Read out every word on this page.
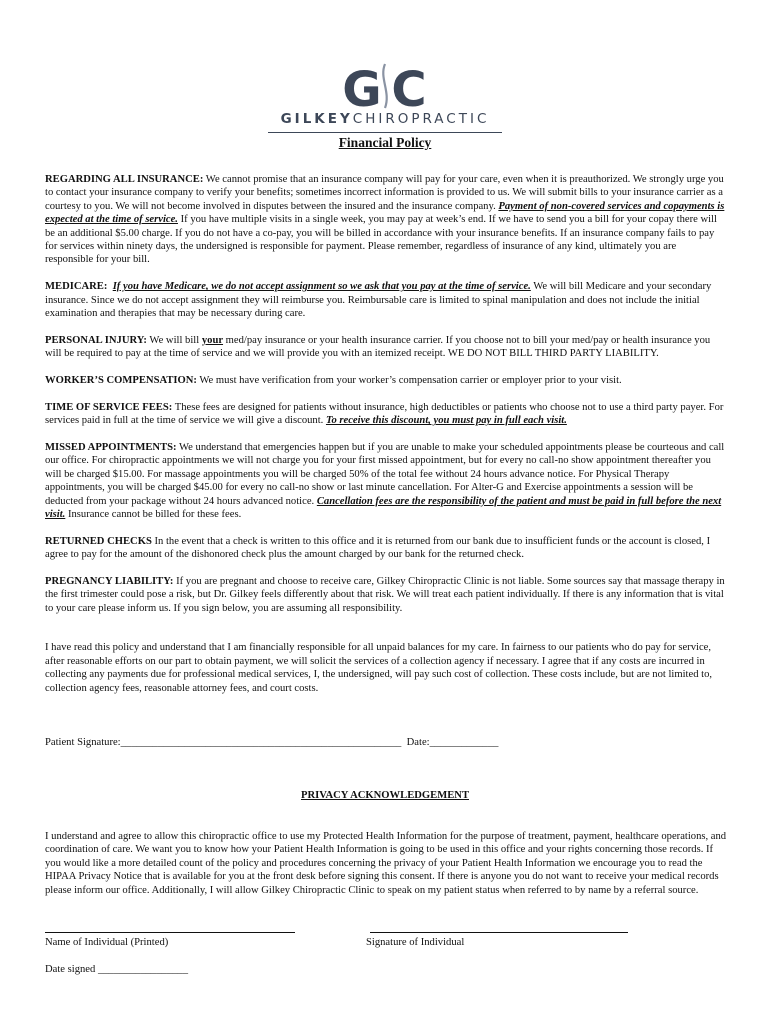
G C
GILKEYCHIROPRACTIC
Financial Policy

REGARDING ALL INSURANCE: We cannot promise that an insurance company will pay for your care, even when it is preauthorized. We strongly urge you to contact your insurance company to verify your benefits; sometimes incorrect information is provided to us. We will submit bills to your insurance carrier as a courtesy to you. We will not become involved in disputes between the insured and the insurance company. Payment of non-covered services and copayments is expected at the time of service. If you have multiple visits in a single week, you may pay at week’s end. If we have to send you a bill for your copay there will be an additional $5.00 charge. If you do not have a co-pay, you will be billed in accordance with your insurance benefits. If an insurance company fails to pay for services within ninety days, the undersigned is responsible for payment. Please remember, regardless of insurance of any kind, ultimately you are responsible for your bill.

MEDICARE: If you have Medicare, we do not accept assignment so we ask that you pay at the time of service. We will bill Medicare and your secondary insurance. Since we do not accept assignment they will reimburse you. Reimbursable care is limited to spinal manipulation and does not include the initial examination and therapies that may be necessary during care.

PERSONAL INJURY: We will bill your med/pay insurance or your health insurance carrier. If you choose not to bill your med/pay or health insurance you will be required to pay at the time of service and we will provide you with an itemized receipt. WE DO NOT BILL THIRD PARTY LIABILITY.

WORKER’S COMPENSATION: We must have verification from your worker’s compensation carrier or employer prior to your visit.

TIME OF SERVICE FEES: These fees are designed for patients without insurance, high deductibles or patients who choose not to use a third party payer. For services paid in full at the time of service we will give a discount. To receive this discount, you must pay in full each visit.

MISSED APPOINTMENTS: We understand that emergencies happen but if you are unable to make your scheduled appointments please be courteous and call our office. For chiropractic appointments we will not charge you for your first missed appointment, but for every no call-no show appointment thereafter you will be charged $15.00. For massage appointments you will be charged 50% of the total fee without 24 hours advance notice. For Physical Therapy appointments, you will be charged $45.00 for every no call-no show or last minute cancellation. For Alter-G and Exercise appointments a session will be deducted from your package without 24 hours advanced notice. Cancellation fees are the responsibility of the patient and must be paid in full before the next visit. Insurance cannot be billed for these fees.

RETURNED CHECKS In the event that a check is written to this office and it is returned from our bank due to insufficient funds or the account is closed, I agree to pay for the amount of the dishonored check plus the amount charged by our bank for the returned check.

PREGNANCY LIABILITY: If you are pregnant and choose to receive care, Gilkey Chiropractic Clinic is not liable. Some sources say that massage therapy in the first trimester could pose a risk, but Dr. Gilkey feels differently about that risk. We will treat each patient individually. If there is any information that is vital to your care please inform us. If you sign below, you are assuming all responsibility.

I have read this policy and understand that I am financially responsible for all unpaid balances for my care. In fairness to our patients who do pay for service, after reasonable efforts on our part to obtain payment, we will solicit the services of a collection agency if necessary. I agree that if any costs are incurred in collecting any payments due for professional medical services, I, the undersigned, will pay such cost of collection. These costs include, but are not limited to, collection agency fees, reasonable attorney fees, and court costs.

Patient Signature:_____________________________________________________  Date:_____________
PRIVACY ACKNOWLEDGEMENT
I understand and agree to allow this chiropractic office to use my Protected Health Information for the purpose of treatment, payment, healthcare operations, and coordination of care. We want you to know how your Patient Health Information is going to be used in this office and your rights concerning those records. If you would like a more detailed count of the policy and procedures concerning the privacy of your Patient Health Information we encourage you to read the HIPAA Privacy Notice that is available for you at the front desk before signing this consent. If there is anyone you do not want to receive your medical records please inform our office. Additionally, I will allow Gilkey Chiropractic Clinic to speak on my patient status when referred to by name by a referral source.
Name of Individual (Printed)	Signature of Individual
Date signed _________________
